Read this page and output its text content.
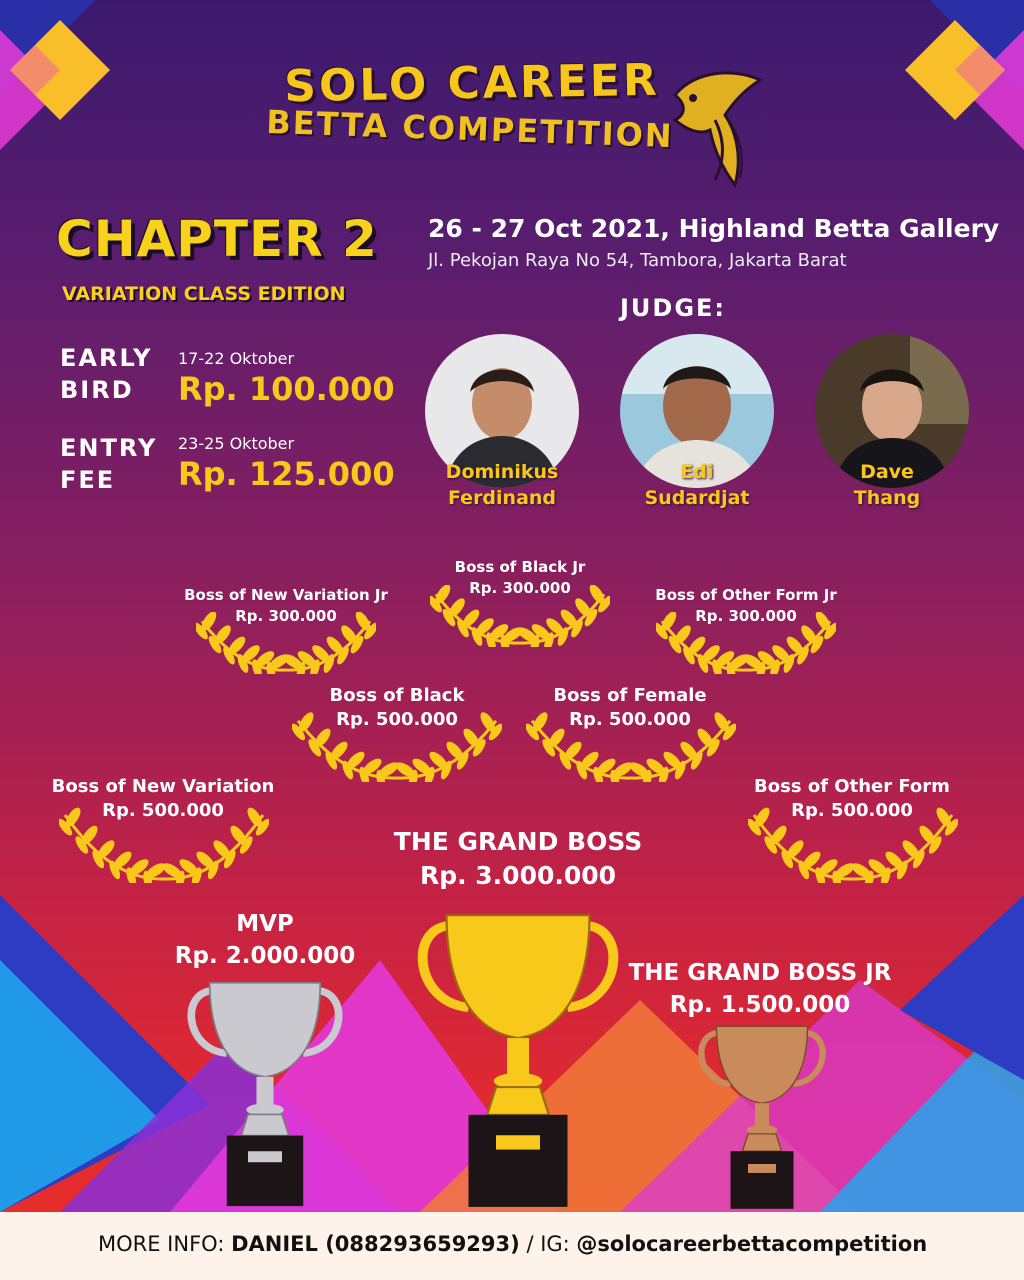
SOLO CAREER
BETTA COMPETITION
CHAPTER 2
VARIATION CLASS EDITION
EARLY
BIRD
17-22 Oktober
Rp. 100.000
ENTRY
FEE
23-25 Oktober
Rp. 125.000
26 - 27 Oct 2021, Highland Betta Gallery
Jl. Pekojan Raya No 54, Tambora, Jakarta Barat
JUDGE:
Dominikus
Ferdinand
Edi
Sudardjat
Dave
Thang
Boss of New Variation Jr
Rp. 300.000
Boss of Black Jr
Rp. 300.000	Boss of Other Form Jr
Rp. 300.000
Boss of Black
Rp. 500.000
Boss of Female
Rp. 500.000
Boss of New Variation
Rp. 500.000
Boss of Other Form
Rp. 500.000
THE GRAND BOSS
Rp. 3.000.000
MVP
Rp. 2.000.000
THE GRAND BOSS JR
Rp. 1.500.000
MORE INFO: DANIEL (088293659293) / IG: @solocareerbettacompetition
